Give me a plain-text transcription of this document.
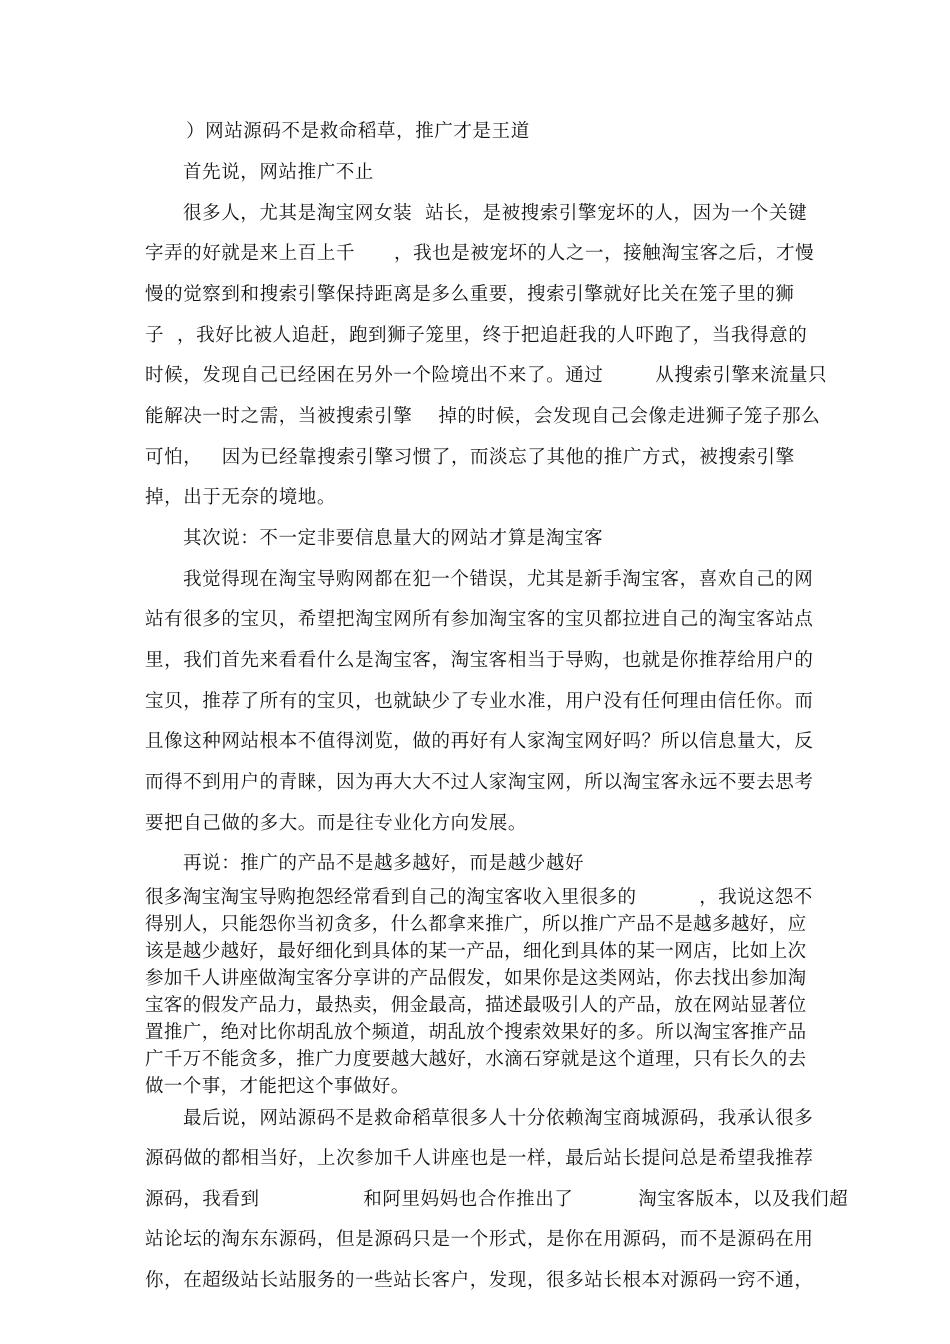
）网站源码不是救命稻草，推广才是王道
首先说，网站推广不止
很多人，尤其是淘宝网女装  站长，是被搜索引擎宠坏的人，因为一个关键
字弄的好就是来上百上千      ，我也是被宠坏的人之一，接触淘宝客之后，才慢
慢的觉察到和搜索引擎保持距离是多么重要，搜索引擎就好比关在笼子里的狮
子  ，我好比被人追赶，跑到狮子笼里，终于把追赶我的人吓跑了，当我得意的
时候，发现自己已经困在另外一个险境出不来了。通过        从搜索引擎来流量只
能解决一时之需，当被搜索引擎    掉的时候，会发现自己会像走进狮子笼子那么
可怕，   因为已经靠搜索引擎习惯了，而淡忘了其他的推广方式，被搜索引擎
掉，出于无奈的境地。
其次说：不一定非要信息量大的网站才算是淘宝客
我觉得现在淘宝导购网都在犯一个错误，尤其是新手淘宝客，喜欢自己的网
站有很多的宝贝，希望把淘宝网所有参加淘宝客的宝贝都拉进自己的淘宝客站点
里，我们首先来看看什么是淘宝客，淘宝客相当于导购，也就是你推荐给用户的
宝贝，推荐了所有的宝贝，也就缺少了专业水准，用户没有任何理由信任你。而
且像这种网站根本不值得浏览，做的再好有人家淘宝网好吗？所以信息量大，反
而得不到用户的青睐，因为再大大不过人家淘宝网，所以淘宝客永远不要去思考
要把自己做的多大。而是往专业化方向发展。
再说：推广的产品不是越多越好，而是越少越好
很多淘宝淘宝导购抱怨经常看到自己的淘宝客收入里很多的          ，我说这怨不
得别人，只能怨你当初贪多，什么都拿来推广，所以推广产品不是越多越好，应
该是越少越好，最好细化到具体的某一产品，细化到具体的某一网店，比如上次
参加千人讲座做淘宝客分享讲的产品假发，如果你是这类网站，你去找出参加淘
宝客的假发产品力，最热卖，佣金最高，描述最吸引人的产品，放在网站显著位
置推广，绝对比你胡乱放个频道，胡乱放个搜索效果好的多。所以淘宝客推产品
广千万不能贪多，推广力度要越大越好，水滴石穿就是这个道理，只有长久的去
做一个事，才能把这个事做好。
最后说，网站源码不是救命稻草很多人十分依赖淘宝商城源码，我承认很多
源码做的都相当好，上次参加千人讲座也是一样，最后站长提问总是希望我推荐
源码，我看到                和阿里妈妈也合作推出了          淘宝客版本，以及我们超
站论坛的淘东东源码，但是源码只是一个形式，是你在用源码，而不是源码在用
你，在超级站长站服务的一些站长客户，发现，很多站长根本对源码一窍不通，
